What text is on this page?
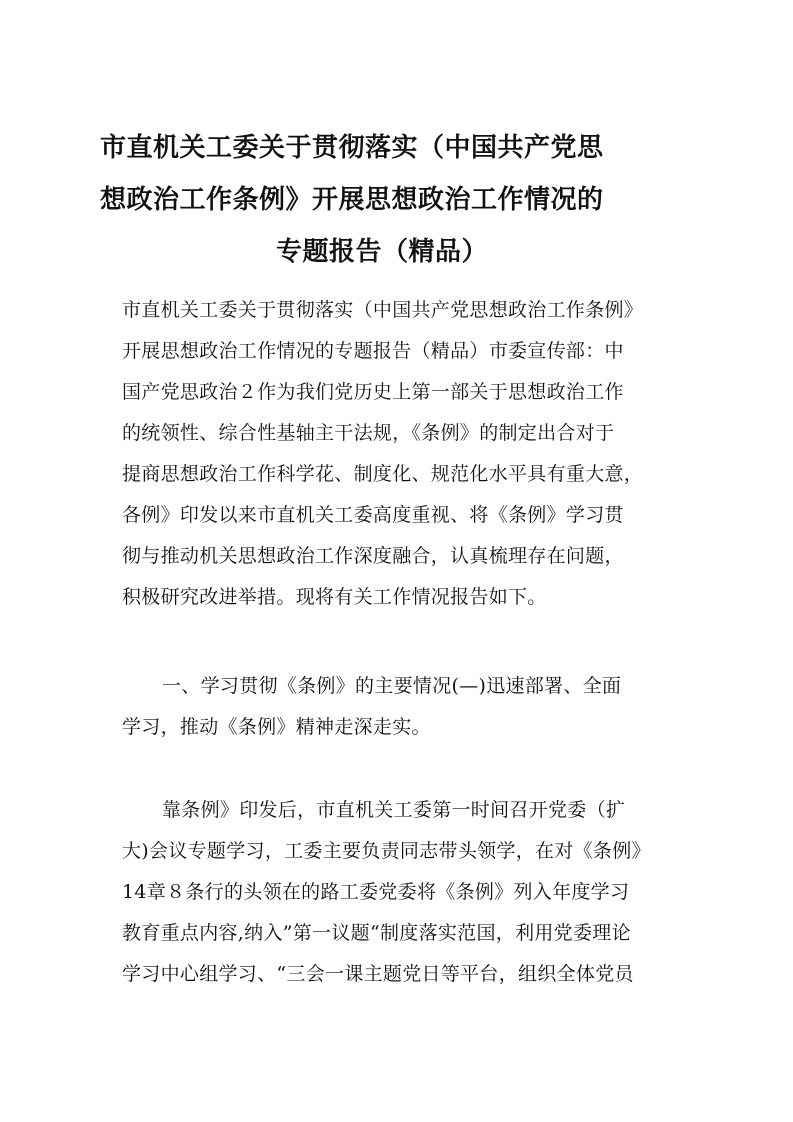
市直机关工委关于贯彻落实（中国共产党思
想政治工作条例》开展思想政治工作情况的
专题报告（精品）
市直机关工委关于贯彻落实（中国共产党思想政治工作条例》
开展思想政治工作情况的专题报告（精品）市委宣传部：中
国产党思政治２作为我们党历史上第一部关于思想政治工作
的统领性、综合性基轴主干法规，《条例》的制定出合对于
提商思想政治工作科学花、制度化、规范化水平具有重大意，
各例》印发以来市直机关工委高度重视、将《条例》学习贯
彻与推动机关思想政治工作深度融合，认真梳理存在问题，
积极研究改进举措。现将有关工作情况报告如下。
一、学习贯彻《条例》的主要情况(—)迅速部署、全面
学习，推动《条例》精神走深走实。
靠条例》印发后，市直机关工委第一时间召开党委（扩
大)会议专题学习，工委主要负责同志带头领学，在对《条例》
14章８条行的头领在的路工委党委将《条例》列入年度学习
教育重点内容,纳入”第一议题“制度落实范国，利用党委理论
学习中心组学习、“三会一课主题党日等平台，组织全体党员
